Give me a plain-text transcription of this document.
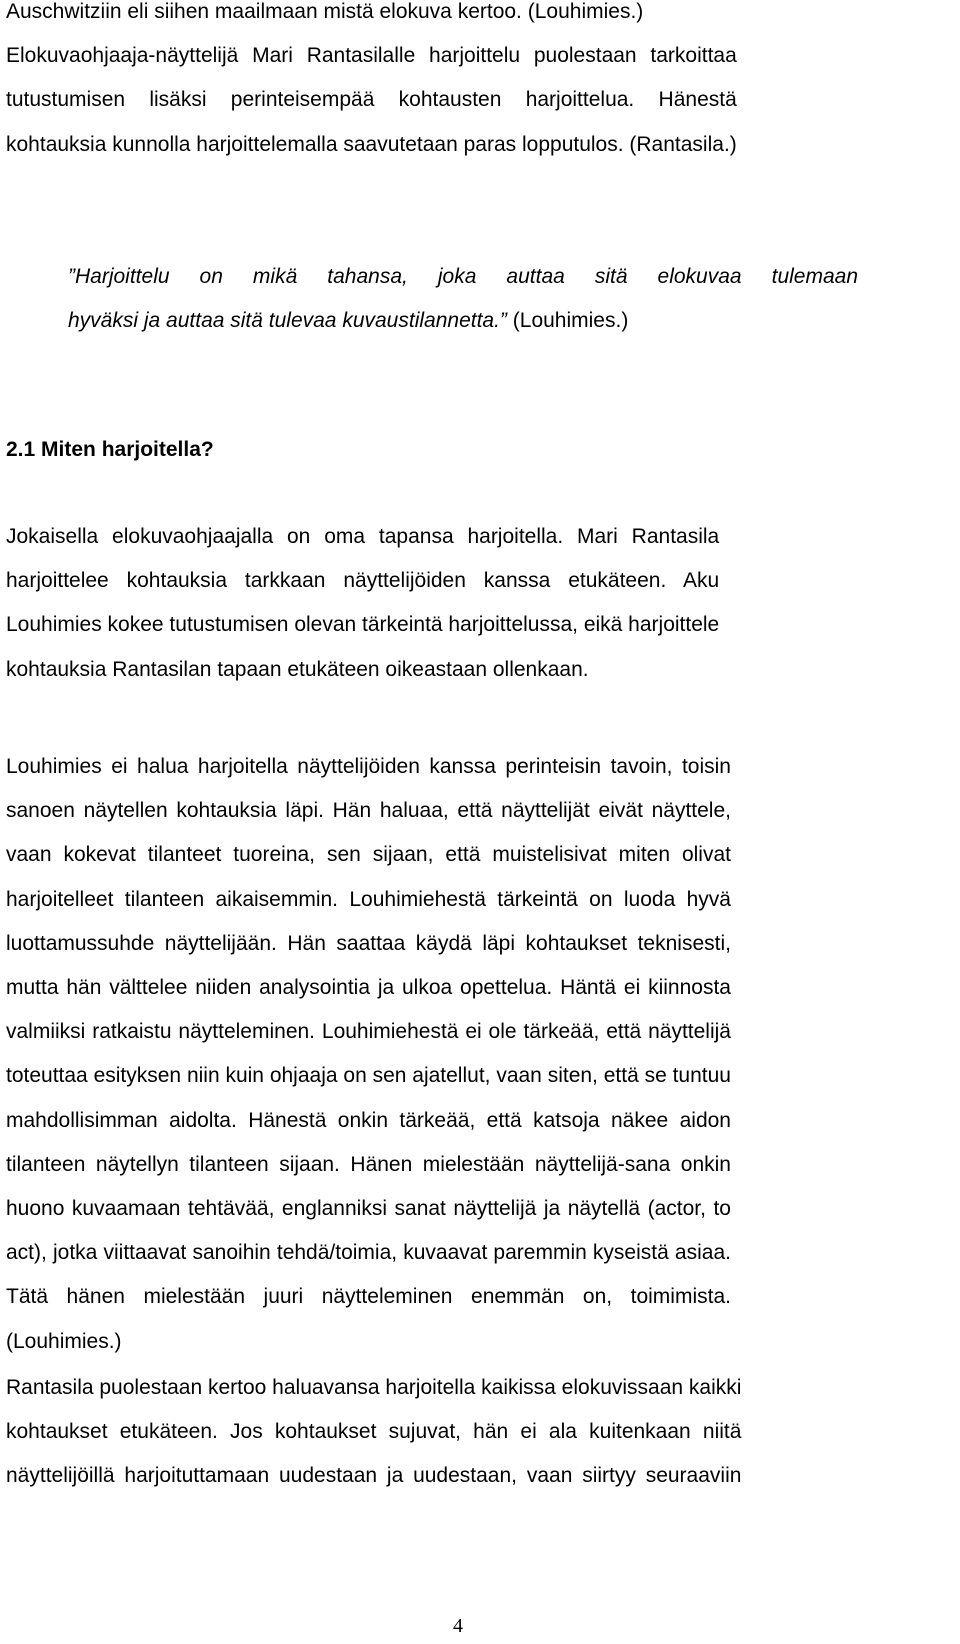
Auschwitziin eli siihen maailmaan mistä elokuva kertoo. (Louhimies.)
Elokuvaohjaaja-näyttelijä Mari Rantasilalle harjoittelu puolestaan tarkoittaa
tutustumisen lisäksi perinteisempää kohtausten harjoittelua. Hänestä
kohtauksia kunnolla harjoittelemalla saavutetaan paras lopputulos. (Rantasila.)
”Harjoittelu on mikä tahansa, joka auttaa sitä elokuvaa tulemaan
hyväksi ja auttaa sitä tulevaa kuvaustilannetta.” (Louhimies.)
2.1 Miten harjoitella?
Jokaisella elokuvaohjaajalla on oma tapansa harjoitella. Mari Rantasila
harjoittelee kohtauksia tarkkaan näyttelijöiden kanssa etukäteen. Aku
Louhimies kokee tutustumisen olevan tärkeintä harjoittelussa, eikä harjoittele
kohtauksia Rantasilan tapaan etukäteen oikeastaan ollenkaan.
Louhimies ei halua harjoitella näyttelijöiden kanssa perinteisin tavoin, toisin
sanoen näytellen kohtauksia läpi. Hän haluaa, että näyttelijät eivät näyttele,
vaan kokevat tilanteet tuoreina, sen sijaan, että muistelisivat miten olivat
harjoitelleet tilanteen aikaisemmin. Louhimiehestä tärkeintä on luoda hyvä
luottamussuhde näyttelijään. Hän saattaa käydä läpi kohtaukset teknisesti,
mutta hän välttelee niiden analysointia ja ulkoa opettelua. Häntä ei kiinnosta
valmiiksi ratkaistu näytteleminen. Louhimiehestä ei ole tärkeää, että näyttelijä
toteuttaa esityksen niin kuin ohjaaja on sen ajatellut, vaan siten, että se tuntuu
mahdollisimman aidolta. Hänestä onkin tärkeää, että katsoja näkee aidon
tilanteen näytellyn tilanteen sijaan. Hänen mielestään näyttelijä-sana onkin
huono kuvaamaan tehtävää, englanniksi sanat näyttelijä ja näytellä (actor, to
act), jotka viittaavat sanoihin tehdä/toimia, kuvaavat paremmin kyseistä asiaa.
Tätä hänen mielestään juuri näytteleminen enemmän on, toimimista.
(Louhimies.)
Rantasila puolestaan kertoo haluavansa harjoitella kaikissa elokuvissaan kaikki
kohtaukset etukäteen. Jos kohtaukset sujuvat, hän ei ala kuitenkaan niitä
näyttelijöillä harjoituttamaan uudestaan ja uudestaan, vaan siirtyy seuraaviin
4
